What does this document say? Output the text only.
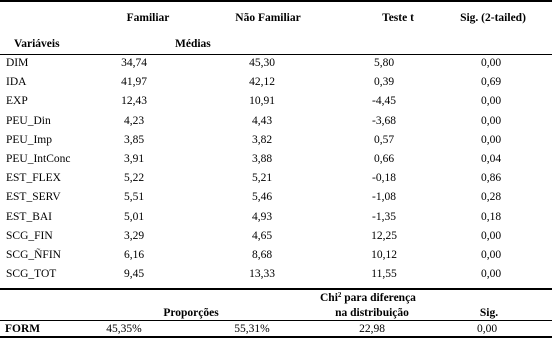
Familiar	Não Familiar	Teste t	Sig. (2-tailed)
Variáveis	Médias
DIM	34,74	45,30	5,80	0,00
IDA	41,97	42,12	0,39	0,69
EXP	12,43	10,91	-4,45	0,00
PEU_Din	4,23	4,43	-3,68	0,00
PEU_Imp	3,85	3,82	0,57	0,00
PEU_IntConc	3,91	3,88	0,66	0,04
EST_FLEX	5,22	5,21	-0,18	0,86
EST_SERV	5,51	5,46	-1,08	0,28
EST_BAI	5,01	4,93	-1,35	0,18
SCG_FIN	3,29	4,65	12,25	0,00
SCG_ÑFIN	6,16	8,68	10,12	0,00
SCG_TOT	9,45	13,33	11,55	0,00
Chi$^2$ para diferença
na distribuição
Proporções	Sig.
FORM	45,35%	55,31%	22,98	0,00
